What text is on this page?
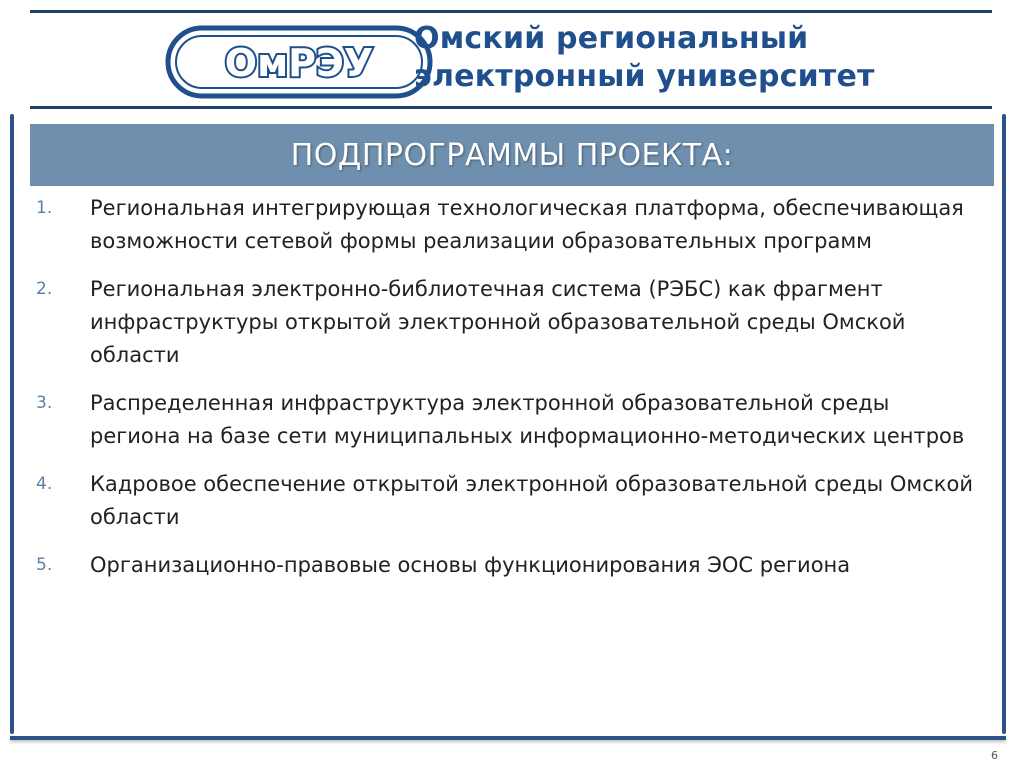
ОмРЭУ
Омский региональный
электронный университет
ПОДПРОГРАММЫ ПРОЕКТА:
1. Региональная интегрирующая технологическая платформа, обеспечивающая возможности сетевой формы реализации образовательных программ
2. Региональная электронно-библиотечная система (РЭБС) как фрагмент инфраструктуры открытой электронной образовательной среды Омской области
3. Распределенная инфраструктура электронной образовательной среды региона на базе сети муниципальных информационно-методических центров
4. Кадровое обеспечение открытой электронной образовательной среды Омской области
5. Организационно-правовые основы функционирования ЭОС региона
6
